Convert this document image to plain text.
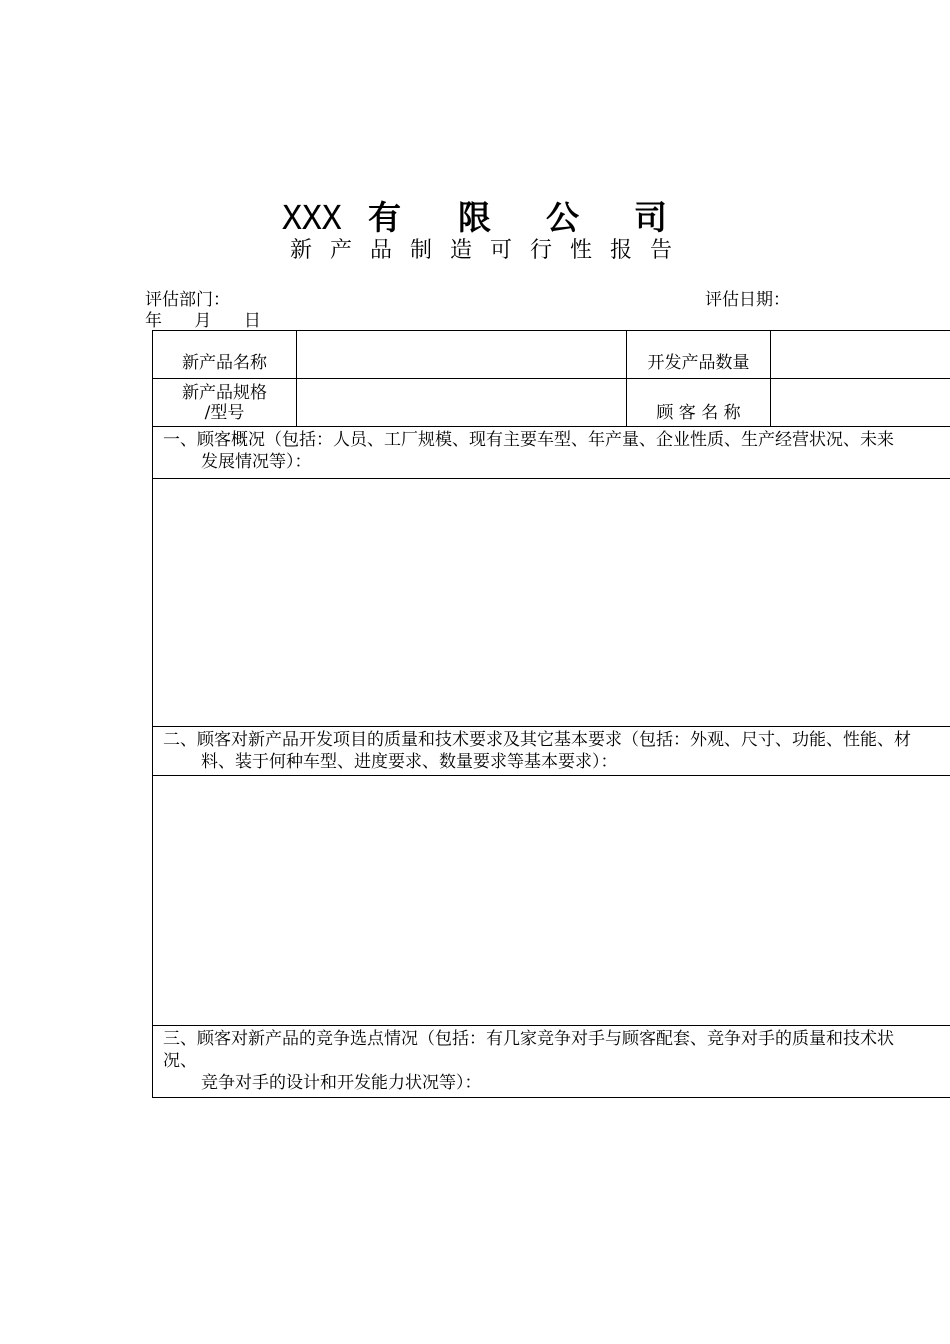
XXX 有 限 公 司
新 产 品 制 造 可 行 性 报 告
评估部门：	评估日期：
年      月      日
新产品名称		开发产品数量	

新产品规格
/型号		顾 客 名 称	

一、顾客概况（包括：人员、工厂规模、现有主要车型、年产量、企业性质、生产经营状况、未来
发展情况等）：			

二、顾客对新产品开发项目的质量和技术要求及其它基本要求（包括：外观、尺寸、功能、性能、材
料、装于何种车型、进度要求、数量要求等基本要求）：			

三、顾客对新产品的竞争选点情况（包括：有几家竞争对手与顾客配套、竞争对手的质量和技术状
况、
竞争对手的设计和开发能力状况等）：			
